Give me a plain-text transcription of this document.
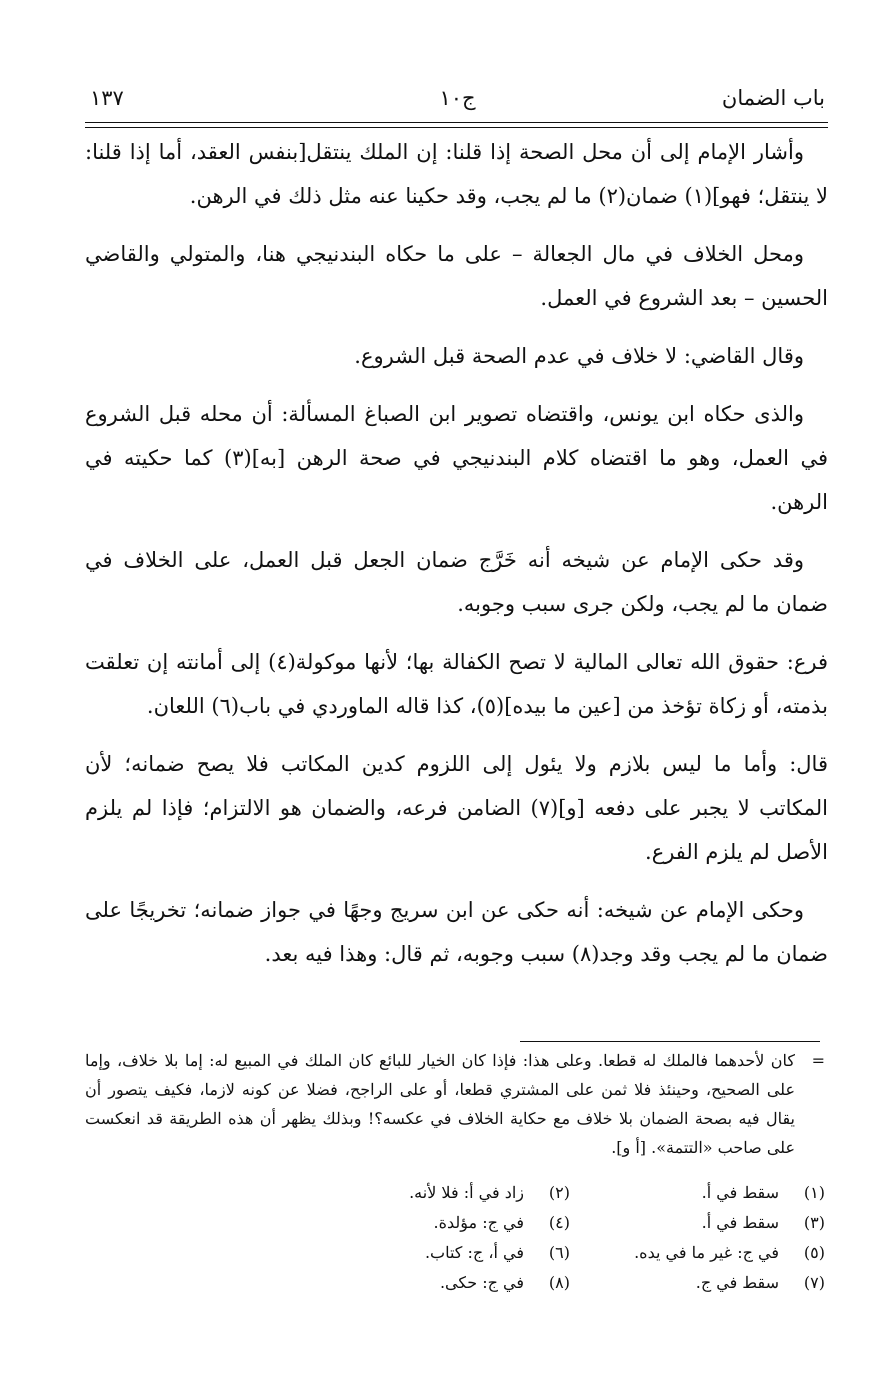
باب الضمان
ج١٠
١٣٧
وأشار الإمام إلى أن محل الصحة إذا قلنا: إن الملك ينتقل[بنفس العقد، أما إذا قلنا: لا ينتقل؛ فهو](١) ضمان(٢) ما لم يجب، وقد حكينا عنه مثل ذلك في الرهن.
ومحل الخلاف في مال الجعالة – على ما حكاه البندنيجي هنا، والمتولي والقاضي الحسين – بعد الشروع في العمل.
وقال القاضي: لا خلاف في عدم الصحة قبل الشروع.
والذى حكاه ابن يونس، واقتضاه تصوير ابن الصباغ المسألة: أن محله قبل الشروع في العمل، وهو ما اقتضاه كلام البندنيجي في صحة الرهن [به](٣) كما حكيته في الرهن.
وقد حكى الإمام عن شيخه أنه خَرَّج ضمان الجعل قبل العمل، على الخلاف في ضمان ما لم يجب، ولكن جرى سبب وجوبه.
فرع: حقوق الله تعالى المالية لا تصح الكفالة بها؛ لأنها موكولة(٤) إلى أمانته إن تعلقت بذمته، أو زكاة تؤخذ من [عين ما بيده](٥)، كذا قاله الماوردي في باب(٦) اللعان.
قال: وأما ما ليس بلازم ولا يئول إلى اللزوم كدين المكاتب فلا يصح ضمانه؛ لأن المكاتب لا يجبر على دفعه [و](٧) الضامن فرعه، والضمان هو الالتزام؛ فإذا لم يلزم الأصل لم يلزم الفرع.
وحكى الإمام عن شيخه: أنه حكى عن ابن سريج وجهًا في جواز ضمانه؛ تخريجًا على ضمان ما لم يجب وقد وجد(٨) سبب وجوبه، ثم قال: وهذا فيه بعد.
=
كان لأحدهما فالملك له قطعا. وعلى هذا: فإذا كان الخيار للبائع كان الملك في المبيع له: إما بلا خلاف، وإما على الصحيح، وحينئذ فلا ثمن على المشتري قطعا، أو على الراجح، فضلا عن كونه لازما، فكيف يتصور أن يقال فيه بصحة الضمان بلا خلاف مع حكاية الخلاف في عكسه؟! وبذلك يظهر أن هذه الطريقة قد انعكست على صاحب «التتمة». [أ و].
(١)
سقط في أ.
(٢)
زاد في أ: فلا لأنه.
(٣)
سقط في أ.
(٤)
في ج: مؤلدة.
(٥)
في ج: غير ما في يده.
(٦)
في أ، ج: كتاب.
(٧)
سقط في ج.
(٨)
في ج: حكى.
